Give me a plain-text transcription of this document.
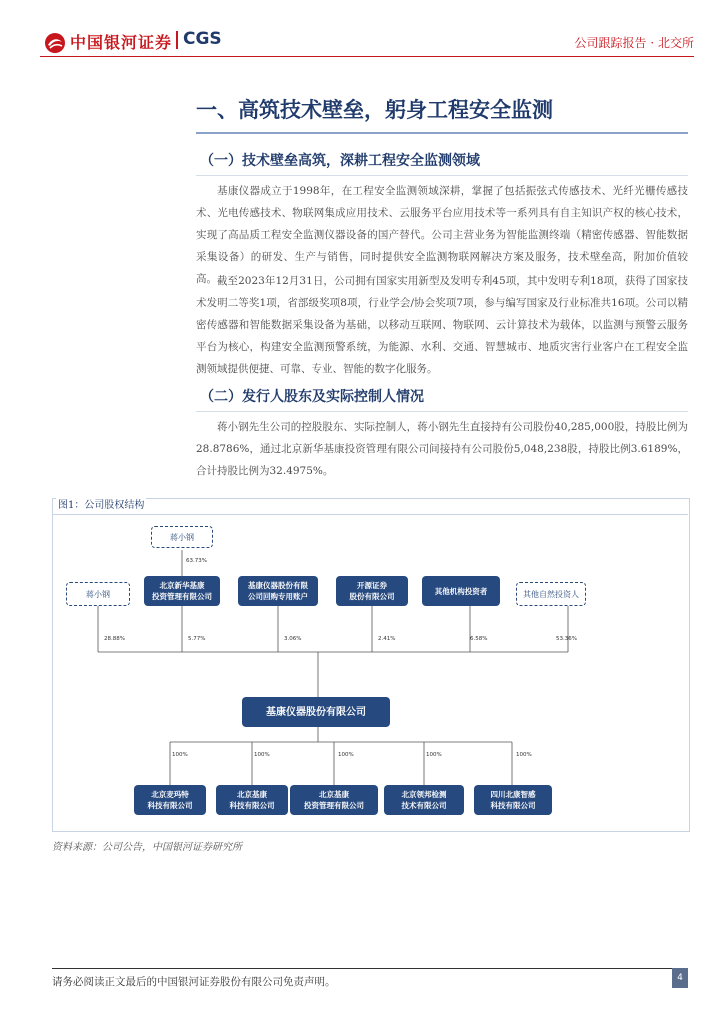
中国银河证券 CGS	公司跟踪报告 · 北交所
一、高筑技术壁垒，躬身工程安全监测
（一）技术壁垒高筑，深耕工程安全监测领域
基康仪器成立于1998年，在工程安全监测领域深耕，掌握了包括振弦式传感技术、光纤光栅传感技术、光电传感技术、物联网集成应用技术、云服务平台应用技术等一系列具有自主知识产权的核心技术，实现了高品质工程安全监测仪器设备的国产替代。公司主营业务为智能监测终端（精密传感器、智能数据采集设备）的研发、生产与销售，同时提供安全监测物联网解决方案及服务，技术壁垒高，附加价值较高。 截至2023年12月31日，公司拥有国家实用新型及发明专利45项，其中发明专利18项，获得了国家技术发明二等奖1项，省部级奖项8项，行业学会/协会奖项7项，参与编写国家及行业标准共16项。公司以精密传感器和智能数据采集设备为基础，以移动互联网、物联网、云计算技术为载体，以监测与预警云服务平台为核心，构建安全监测预警系统，为能源、水利、交通、智慧城市、地质灾害行业客户在工程安全监测领域提供便捷、可靠、专业、智能的数字化服务。
（二）发行人股东及实际控制人情况
蒋小钢先生公司的控股股东、实际控制人，蒋小钢先生直接持有公司股份40,285,000股，持股比例为28.8786%，通过北京新华基康投资管理有限公司间接持有公司股份5,048,238股，持股比例3.6189%，合计持股比例为32.4975%。
图1：公司股权结构
蒋小钢
63.73%
蒋小钢
北京新华基康
投资管理有限公司
基康仪器股份有限
公司回购专用账户
开源证券
股份有限公司
其他机构投资者	其他自然投资人
28.88%	5.77%	3.06%	2.41%	6.58%	53.36%
基康仪器股份有限公司
100%	100%	100%	100%	100%
北京麦玛特
科技有限公司
北京基康
科技有限公司
北京基康
投资管理有限公司
北京领邦检测
技术有限公司
四川北康智感
科技有限公司
资料来源：公司公告，中国银河证券研究所
请务必阅读正文最后的中国银河证券股份有限公司免责声明。	4
